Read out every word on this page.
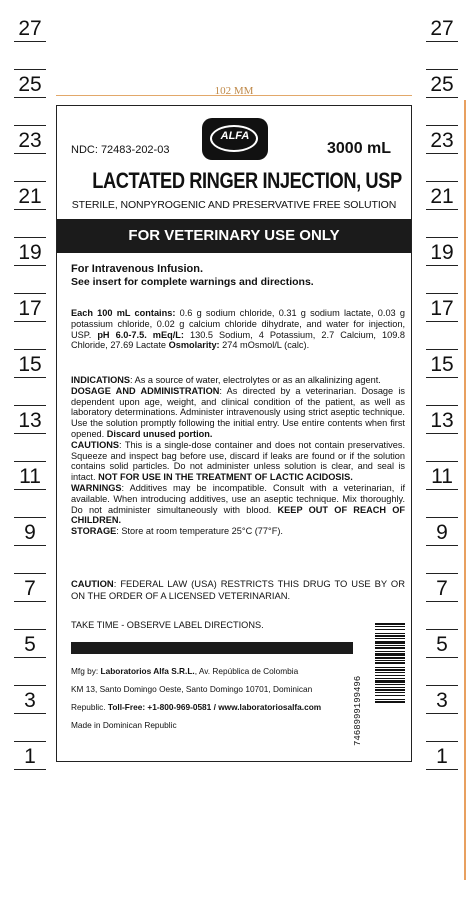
27
25
23
21
19
17
15
13
11
9
7
5
3
1
27
25
23
21
19
17
15
13
11
9
7
5
3
1
102 MM
NDC: 72483-202-03
ALFA
3000 mL
LACTATED RINGER INJECTION, USP
STERILE, NONPYROGENIC AND PRESERVATIVE FREE SOLUTION
FOR VETERINARY USE ONLY
For Intravenous Infusion.
See insert for complete warnings and directions.
Each 100 mL contains: 0.6 g sodium chloride, 0.31 g sodium lactate, 0.03 g potassium chloride, 0.02 g calcium chloride dihydrate, and water for injection, USP. pH 6.0-7.5. mEq/L: 130.5 Sodium, 4 Potassium, 2.7 Calcium, 109.8 Chloride, 27.69 Lactate Osmolarity: 274 mOsmol/L (calc).
INDICATIONS: As a source of water, electrolytes or as an alkalinizing agent.
DOSAGE AND ADMINISTRATION: As directed by a veterinarian. Dosage is dependent upon age, weight, and clinical condition of the patient, as well as laboratory determinations. Administer intravenously using strict aseptic technique. Use the solution promptly following the initial entry. Use entire contents when first opened. Discard unused portion.
CAUTIONS: This is a single-dose container and does not contain preservatives. Squeeze and inspect bag before use, discard if leaks are found or if the solution contains solid particles. Do not administer unless solution is clear, and seal is intact. NOT FOR USE IN THE TREATMENT OF LACTIC ACIDOSIS.
WARNINGS: Additives may be incompatible. Consult with a veterinarian, if available. When introducing additives, use an aseptic technique. Mix thoroughly. Do not administer simultaneously with blood. KEEP OUT OF REACH OF CHILDREN.
STORAGE: Store at room temperature 25°C (77°F).
CAUTION: FEDERAL LAW (USA) RESTRICTS THIS DRUG TO USE BY OR ON THE ORDER OF A LICENSED VETERINARIAN.
TAKE TIME - OBSERVE LABEL DIRECTIONS.
Mfg by: Laboratorios Alfa S.R.L., Av. República de Colombia
KM 13, Santo Domingo Oeste, Santo Domingo 10701, Dominican
Republic. Toll-Free: +1-800-969-0581 / www.laboratoriosalfa.com
Made in Dominican Republic	7468999199496
